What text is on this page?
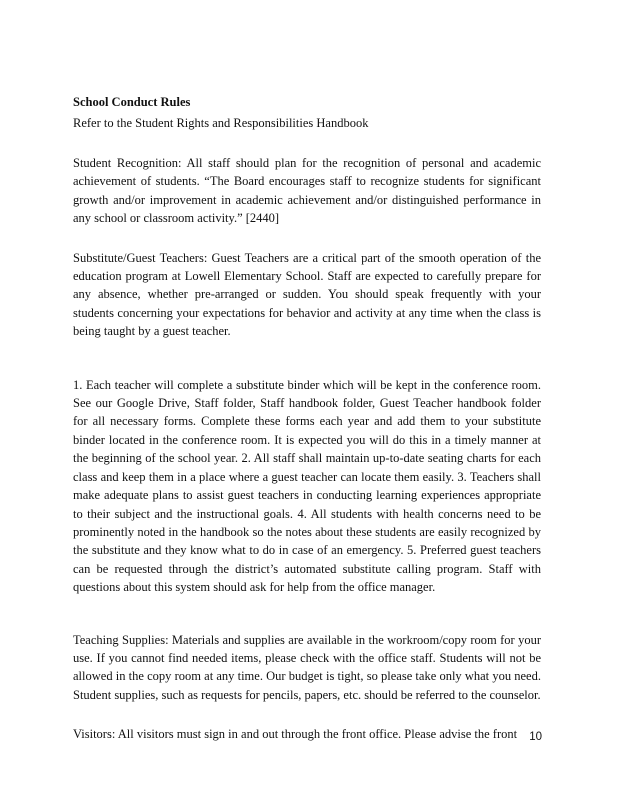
School Conduct Rules
Refer to the Student Rights and Responsibilities Handbook

Student Recognition: All staff should plan for the recognition of personal and academic achievement of students. “The Board encourages staff to recognize students for significant growth and/or improvement in academic achievement and/or distinguished performance in any school or classroom activity.” [2440]

Substitute/Guest Teachers: Guest Teachers are a critical part of the smooth operation of the education program at Lowell Elementary School. Staff are expected to carefully prepare for any absence, whether pre-arranged or sudden. You should speak frequently with your students concerning your expectations for behavior and activity at any time when the class is being taught by a guest teacher.

1. Each teacher will complete a substitute binder which will be kept in the conference room. See our Google Drive, Staff folder, Staff handbook folder, Guest Teacher handbook folder for all necessary forms. Complete these forms each year and add them to your substitute binder located in the conference room. It is expected you will do this in a timely manner at the beginning of the school year. 2. All staff shall maintain up-to-date seating charts for each class and keep them in a place where a guest teacher can locate them easily. 3. Teachers shall make adequate plans to assist guest teachers in conducting learning experiences appropriate to their subject and the instructional goals. 4. All students with health concerns need to be prominently noted in the handbook so the notes about these students are easily recognized by the substitute and they know what to do in case of an emergency. 5. Preferred guest teachers can be requested through the district’s automated substitute calling program. Staff with questions about this system should ask for help from the office manager.

Teaching Supplies: Materials and supplies are available in the workroom/copy room for your use. If you cannot find needed items, please check with the office staff. Students will not be allowed in the copy room at any time. Our budget is tight, so please take only what you need. Student supplies, such as requests for pencils, papers, etc. should be referred to the counselor.

Visitors: All visitors must sign in and out through the front office. Please advise the front	10
